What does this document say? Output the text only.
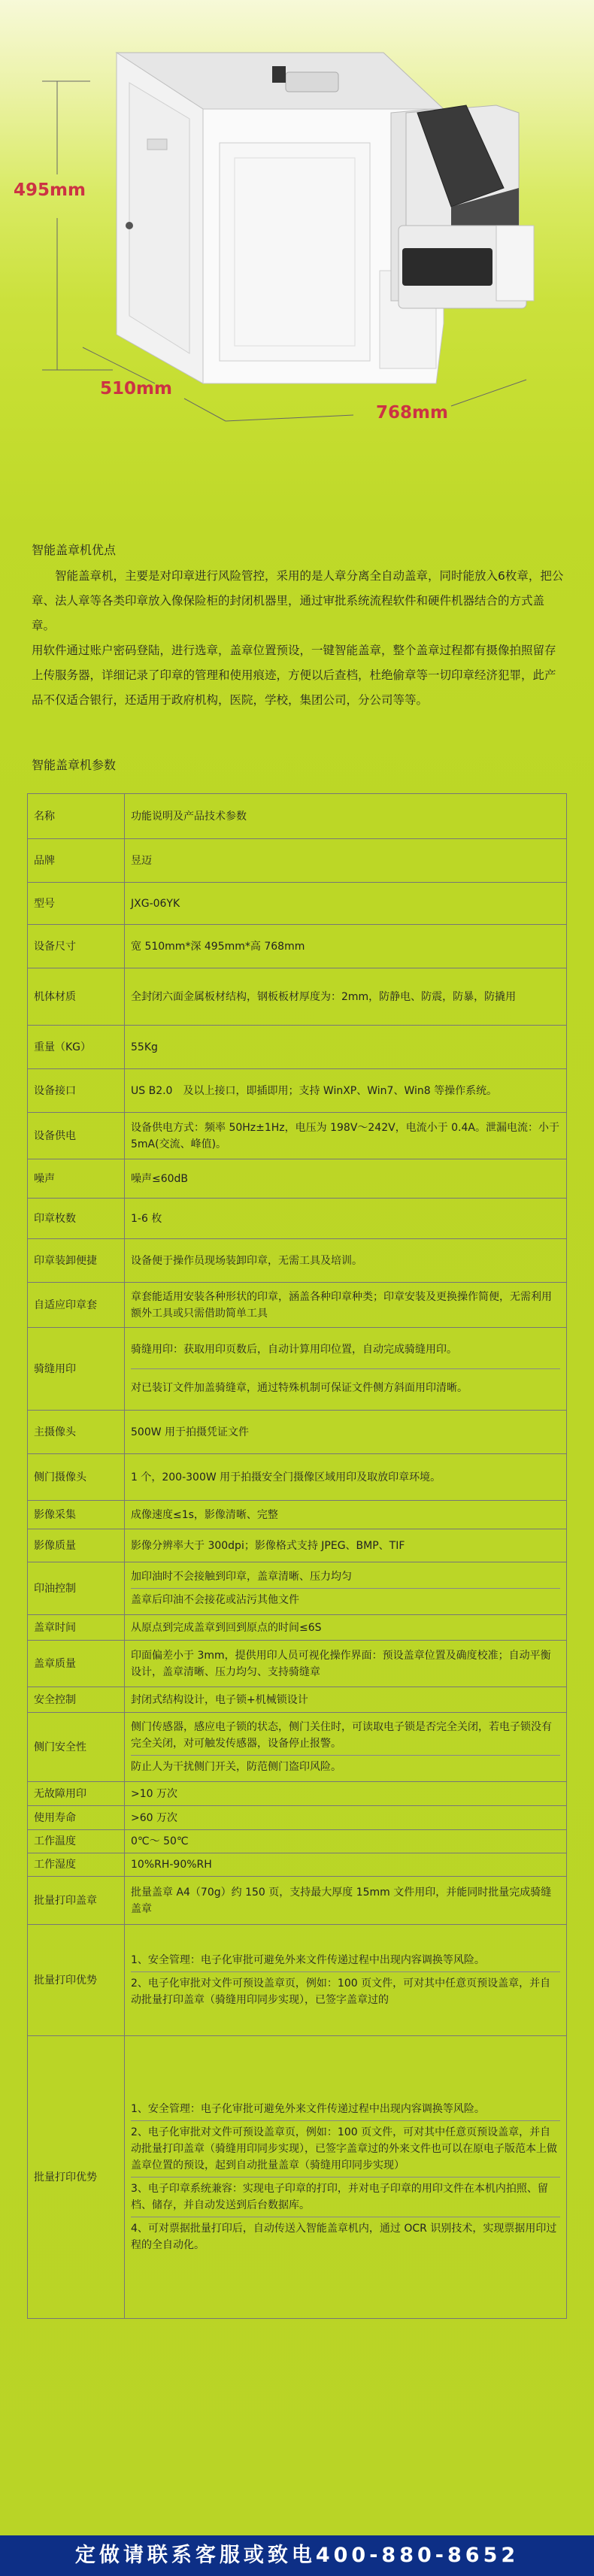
495mm
510mm
768mm
智能盖章机优点

智能盖章机，主要是对印章进行风险管控，采用的是人章分离全自动盖章，同时能放入6枚章，把公章、法人章等各类印章放入像保险柜的封闭机器里，通过审批系统流程软件和硬件机器结合的方式盖章。

用软件通过账户密码登陆，进行选章，盖章位置预设，一键智能盖章，整个盖章过程都有摄像拍照留存上传服务器，详细记录了印章的管理和使用痕迹，方便以后查档，杜绝偷章等一切印章经济犯罪，此产品不仅适合银行，还适用于政府机构，医院，学校，集团公司，分公司等等。

智能盖章机参数
名称	功能说明及产品技术参数
品牌	昱迈
型号	JXG-06YK
设备尺寸	宽 510mm*深 495mm*高 768mm
机体材质	全封闭六面金属板材结构，钢板板材厚度为：2mm，防静电、防震，防暴，防撬用
重量（KG）	55Kg
设备接口	US B2.0　及以上接口，即插即用；支持 WinXP、Win7、Win8 等操作系统。
设备供电	设备供电方式：频率 50Hz±1Hz，电压为 198V～242V，电流小于 0.4A。泄漏电流：小于 5mA(交流、峰值)。
噪声	噪声≤60dB
印章枚数	1-6 枚
印章装卸便捷	设备便于操作员现场装卸印章，无需工具及培训。
自适应印章套	章套能适用安装各种形状的印章，涵盖各种印章种类；印章安装及更换操作简便，无需利用额外工具或只需借助简单工具
骑缝用印	骑缝用印：获取用印页数后，自动计算用印位置，自动完成骑缝用印。
对已装订文件加盖骑缝章，通过特殊机制可保证文件侧方斜面用印清晰。

主摄像头	500W 用于拍摄凭证文件
侧门摄像头	1 个，200-300W 用于拍摄安全门摄像区域用印及取放印章环境。
影像采集	成像速度≤1s，影像清晰、完整
影像质量	影像分辨率大于 300dpi；影像格式支持 JPEG、BMP、TIF
印油控制	加印油时不会接触到印章，盖章清晰、压力均匀
盖章后印油不会接花或沾污其他文件

盖章时间	从原点到完成盖章到回到原点的时间≤6S
盖章质量	印面偏差小于 3mm，提供用印人员可视化操作界面：预设盖章位置及确度校准；自动平衡设计，盖章清晰、压力均匀、支持骑缝章
安全控制	封闭式结构设计，电子锁+机械锁设计
侧门安全性	侧门传感器，感应电子锁的状态，侧门关住时，可读取电子锁是否完全关闭，若电子锁没有完全关闭，对可触发传感器，设备停止报警。
防止人为干扰侧门开关，防范侧门盗印风险。

无故障用印	>10 万次
使用寿命	>60 万次
工作温度	0℃～ 50℃
工作湿度	10%RH-90%RH
批量打印盖章	批量盖章 A4（70g）约 150 页，支持最大厚度 15mm 文件用印，并能同时批量完成骑缝盖章
批量打印优势	1、安全管理：电子化审批可避免外来文件传递过程中出现内容调换等风险。
2、电子化审批对文件可预设盖章页，例如：100 页文件，可对其中任意页预设盖章，并自动批量打印盖章（骑缝用印同步实现），已签字盖章过的

批量打印优势	1、安全管理：电子化审批可避免外来文件传递过程中出现内容调换等风险。
2、电子化审批对文件可预设盖章页，例如：100 页文件，可对其中任意页预设盖章，并自动批量打印盖章（骑缝用印同步实现），已签字盖章过的外来文件也可以在原电子版范本上做盖章位置的预设，起到自动批量盖章（骑缝用印同步实现）
3、电子印章系统兼容：实现电子印章的打印，并对电子印章的用印文件在本机内拍照、留档、储存，并自动发送到后台数据库。
4、可对票据批量打印后，自动传送入智能盖章机内，通过 OCR 识别技术，实现票据用印过程的全自动化。
定做请联系客服或致电400-880-8652
